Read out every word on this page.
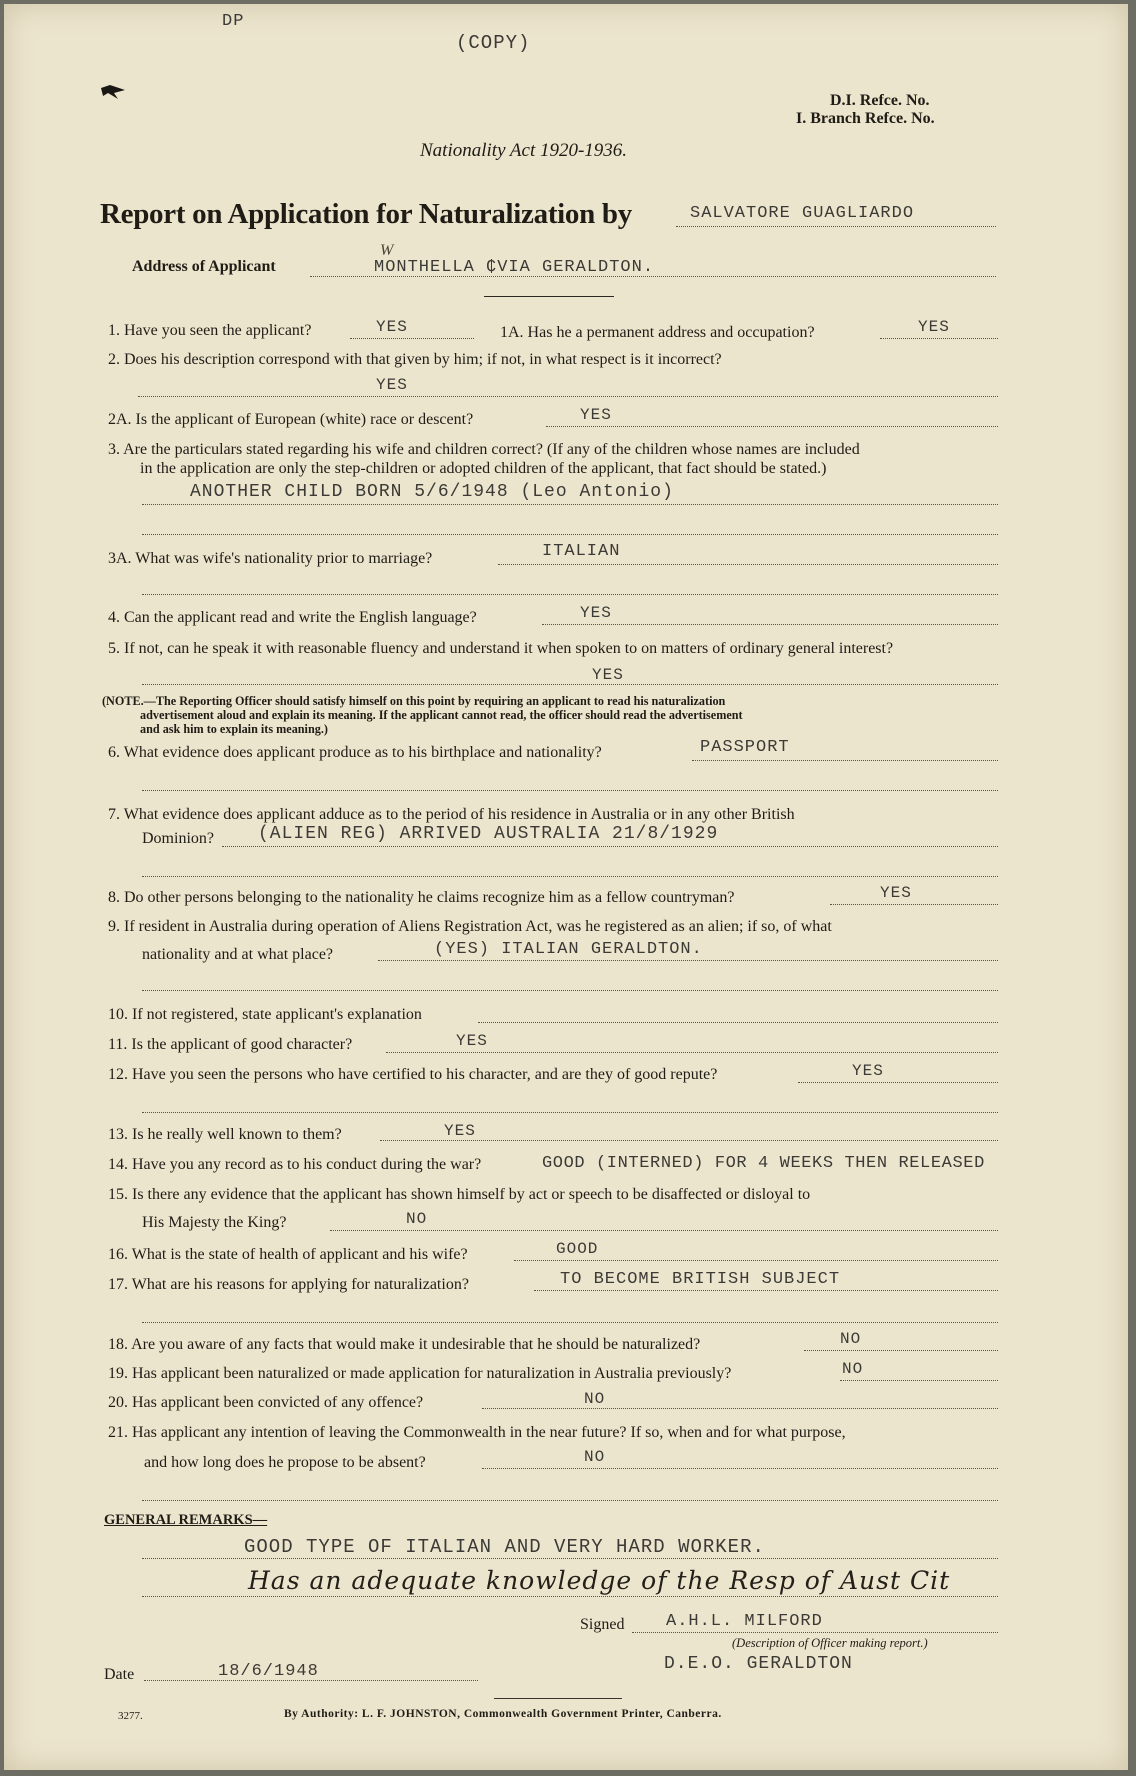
DP
(COPY)
D.I. Refce. No.
I. Branch Refce. No.
Nationality Act 1920-1936.
Report on Application for Naturalization by	SALVATORE GUAGLIARDO
Address of Applicant	MONTHELLA ₵VIA GERALDTON.
W
1. Have you seen the applicant?	YES	1A. Has he a permanent address and occupation?	YES
2. Does his description correspond with that given by him; if not, in what respect is it incorrect?
YES
2A. Is the applicant of European (white) race or descent?	YES
3. Are the particulars stated regarding his wife and children correct? (If any of the children whose names are included
in the application are only the step-children or adopted children of the applicant, that fact should be stated.)
ANOTHER CHILD BORN 5/6/1948 (Leo Antonio)
3A. What was wife's nationality prior to marriage?	ITALIAN
4. Can the applicant read and write the English language?	YES
5. If not, can he speak it with reasonable fluency and understand it when spoken to on matters of ordinary general interest?
YES
(NOTE.—The Reporting Officer should satisfy himself on this point by requiring an applicant to read his naturalization
advertisement aloud and explain its meaning. If the applicant cannot read, the officer should read the advertisement
and ask him to explain its meaning.)
6. What evidence does applicant produce as to his birthplace and nationality?	PASSPORT
7. What evidence does applicant adduce as to the period of his residence in Australia or in any other British
Dominion? (ALIEN REG) ARRIVED AUSTRALIA 21/8/1929
8. Do other persons belonging to the nationality he claims recognize him as a fellow countryman?	YES
9. If resident in Australia during operation of Aliens Registration Act, was he registered as an alien; if so, of what
nationality and at what place?	(YES) ITALIAN GERALDTON.
10. If not registered, state applicant's explanation
11. Is the applicant of good character?	YES
12. Have you seen the persons who have certified to his character, and are they of good repute?	YES
13. Is he really well known to them?	YES
14. Have you any record as to his conduct during the war?	GOOD (INTERNED) FOR 4 WEEKS THEN RELEASED
15. Is there any evidence that the applicant has shown himself by act or speech to be disaffected or disloyal to
His Majesty the King?	NO
16. What is the state of health of applicant and his wife?	GOOD
17. What are his reasons for applying for naturalization?	TO BECOME BRITISH SUBJECT
18. Are you aware of any facts that would make it undesirable that he should be naturalized?	NO
19. Has applicant been naturalized or made application for naturalization in Australia previously?	NO
20. Has applicant been convicted of any offence?	NO
21. Has applicant any intention of leaving the Commonwealth in the near future? If so, when and for what purpose,
and how long does he propose to be absent?	NO
GENERAL REMARKS—
GOOD TYPE OF ITALIAN AND VERY HARD WORKER.
Has an adequate knowledge of the Resp of Aust Cit
Signed A.H.L. MILFORD
(Description of Officer making report.)
D.E.O. GERALDTON
Date	18/6/1948
3277.	By Authority: L. F. JOHNSTON, Commonwealth Government Printer, Canberra.
